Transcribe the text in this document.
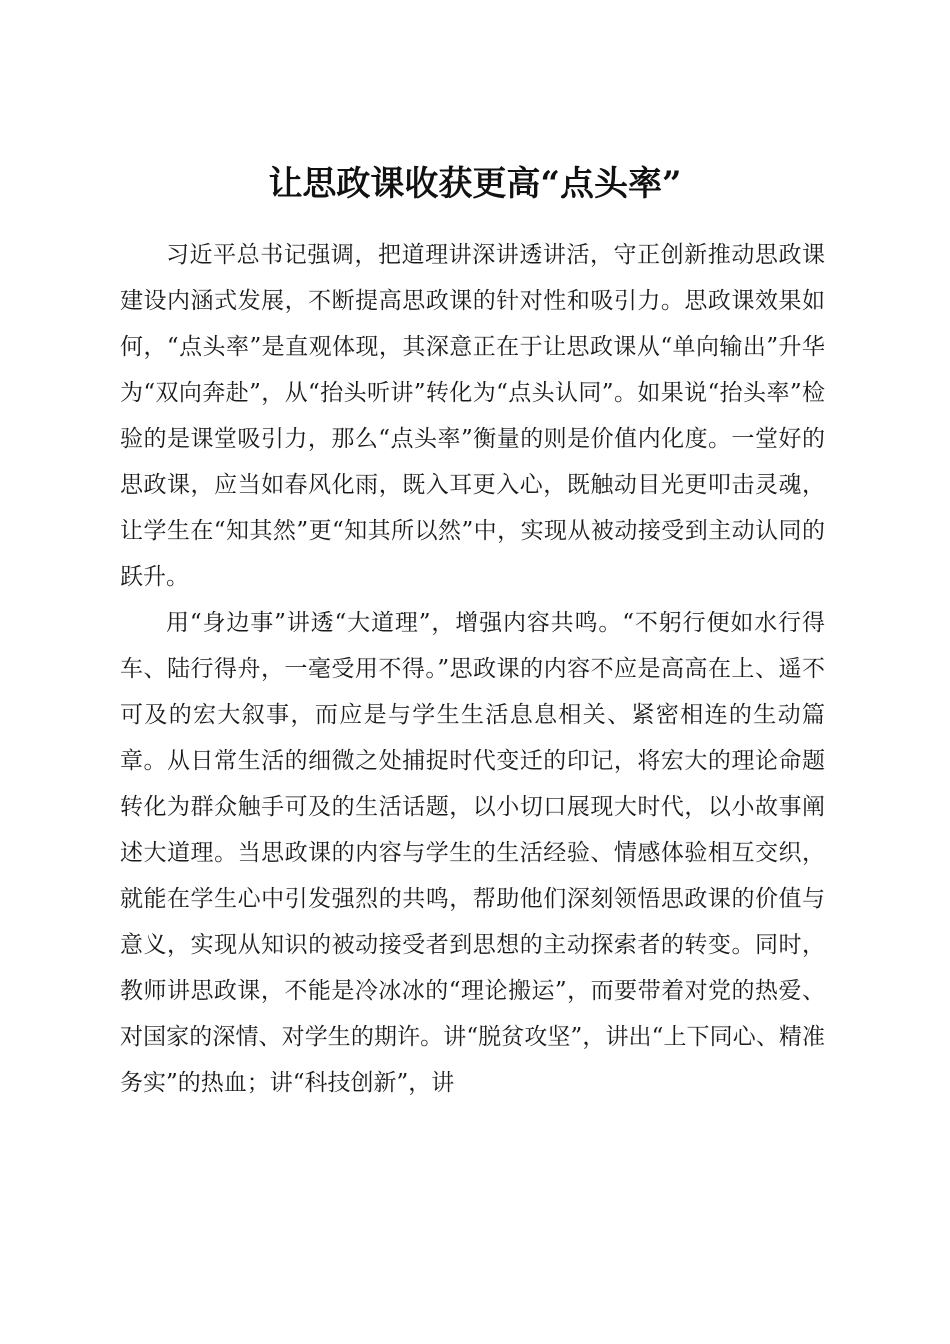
让思政课收获更高“点头率”

习近平总书记强调，把道理讲深讲透讲活，守正创新推动思政课建设内涵式发展，不断提高思政课的针对性和吸引力。思政课效果如何，“点头率”是直观体现，其深意正在于让思政课从“单向输出”升华为“双向奔赴”，从“抬头听讲”转化为“点头认同”。如果说“抬头率”检验的是课堂吸引力，那么“点头率”衡量的则是价值内化度。一堂好的思政课，应当如春风化雨，既入耳更入心，既触动目光更叩击灵魂，让学生在“知其然”更“知其所以然”中，实现从被动接受到主动认同的跃升。

用“身边事”讲透“大道理”，增强内容共鸣。“不躬行便如水行得车、陆行得舟，一毫受用不得。”思政课的内容不应是高高在上、遥不可及的宏大叙事，而应是与学生生活息息相关、紧密相连的生动篇章。从日常生活的细微之处捕捉时代变迁的印记，将宏大的理论命题转化为群众触手可及的生活话题，以小切口展现大时代，以小故事阐述大道理。当思政课的内容与学生的生活经验、情感体验相互交织，就能在学生心中引发强烈的共鸣，帮助他们深刻领悟思政课的价值与意义，实现从知识的被动接受者到思想的主动探索者的转变。同时，教师讲思政课，不能是冷冰冰的“理论搬运”，而要带着对党的热爱、对国家的深情、对学生的期许。讲“脱贫攻坚”，讲出“上下同心、精准务实”的热血；讲“科技创新”，讲
